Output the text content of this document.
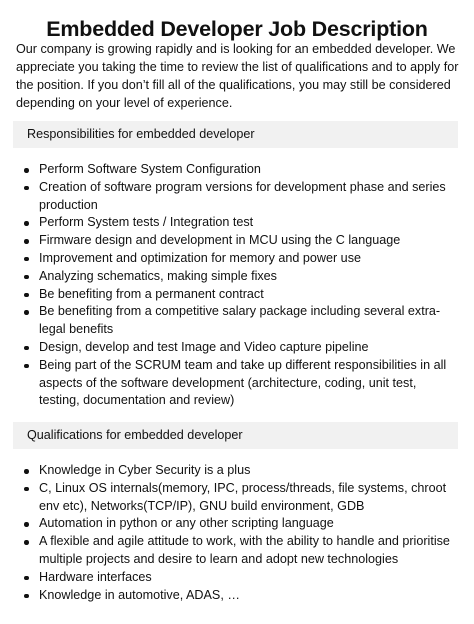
Embedded Developer Job Description

Our company is growing rapidly and is looking for an embedded developer. We appreciate you taking the time to review the list of qualifications and to apply for the position. If you don’t fill all of the qualifications, you may still be considered depending on your level of experience.

Responsibilities for embedded developer
Perform Software System Configuration
Creation of software program versions for development phase and series production
Perform System tests / Integration test
Firmware design and development in MCU using the C language
Improvement and optimization for memory and power use
Analyzing schematics, making simple fixes
Be benefiting from a permanent contract
Be benefiting from a competitive salary package including several extra-legal benefits
Design, develop and test Image and Video capture pipeline
Being part of the SCRUM team and take up different responsibilities in all aspects of the software development (architecture, coding, unit test, testing, documentation and review)
Qualifications for embedded developer
Knowledge in Cyber Security is a plus
C, Linux OS internals(memory, IPC, process/threads, file systems, chroot env etc), Networks(TCP/IP), GNU build environment, GDB
Automation in python or any other scripting language
A flexible and agile attitude to work, with the ability to handle and prioritise multiple projects and desire to learn and adopt new technologies
Hardware interfaces
Knowledge in automotive, ADAS, …
